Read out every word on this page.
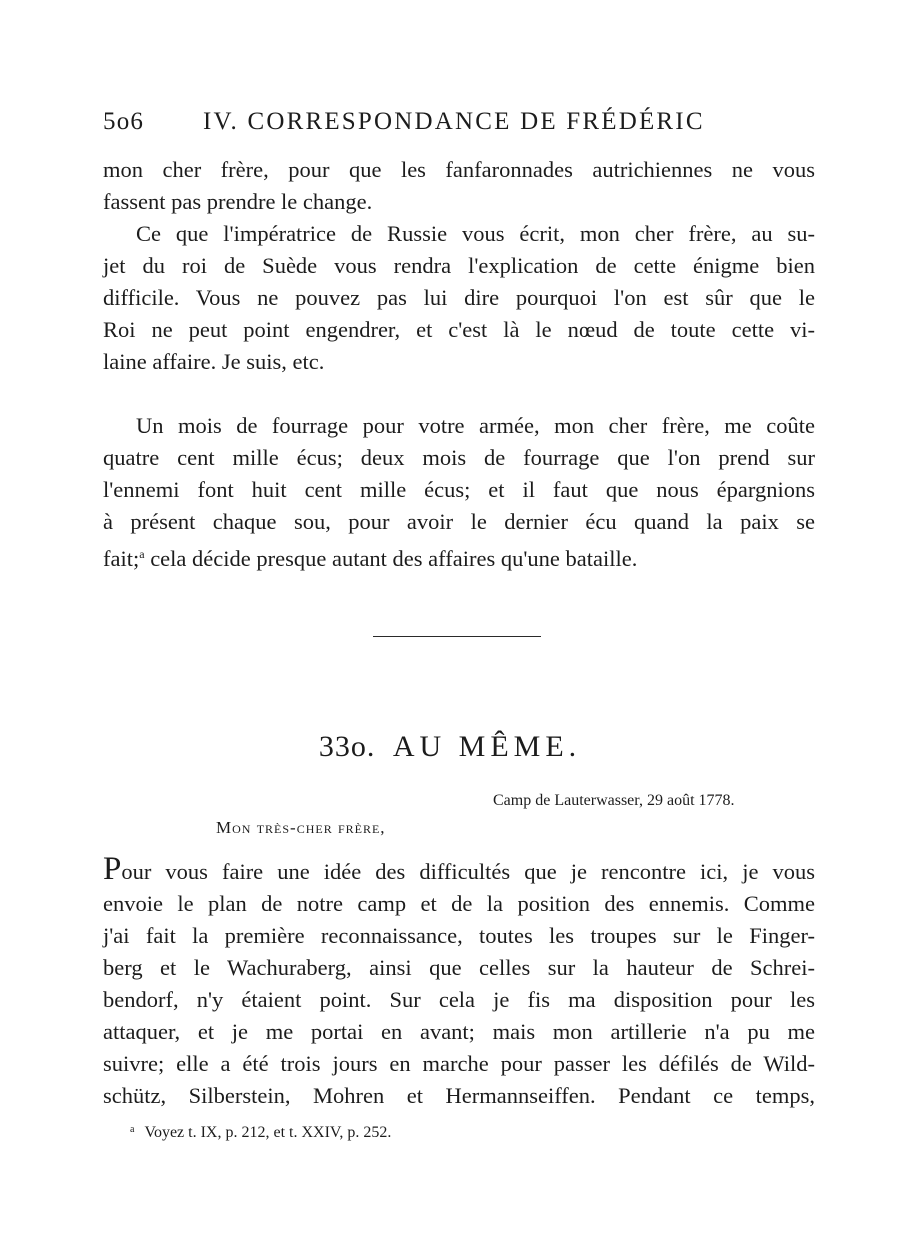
5o6 IV. CORRESPONDANCE DE FRÉDÉRIC
mon cher frère, pour que les fanfaronnades autrichiennes ne vous
fassent pas prendre le change.
Ce que l'impératrice de Russie vous écrit, mon cher frère, au su-
jet du roi de Suède vous rendra l'explication de cette énigme bien
difficile. Vous ne pouvez pas lui dire pourquoi l'on est sûr que le
Roi ne peut point engendrer, et c'est là le nœud de toute cette vi-
laine affaire. Je suis, etc.
Un mois de fourrage pour votre armée, mon cher frère, me coûte
quatre cent mille écus; deux mois de fourrage que l'on prend sur
l'ennemi font huit cent mille écus; et il faut que nous épargnions
à présent chaque sou, pour avoir le dernier écu quand la paix se
fait;$^a$ cela décide presque autant des affaires qu'une bataille.
33o. AU MÊME.
Camp de Lauterwasser, 29 août 1778.
Mon très-cher frère,
Pour vous faire une idée des difficultés que je rencontre ici, je vous
envoie le plan de notre camp et de la position des ennemis. Comme
j'ai fait la première reconnaissance, toutes les troupes sur le Finger-
berg et le Wachuraberg, ainsi que celles sur la hauteur de Schrei-
bendorf, n'y étaient point. Sur cela je fis ma disposition pour les
attaquer, et je me portai en avant; mais mon artillerie n'a pu me
suivre; elle a été trois jours en marche pour passer les défilés de Wild-
schütz, Silberstein, Mohren et Hermannseiffen. Pendant ce temps,
$^a$ Voyez t. IX, p. 212, et t. XXIV, p. 252.
